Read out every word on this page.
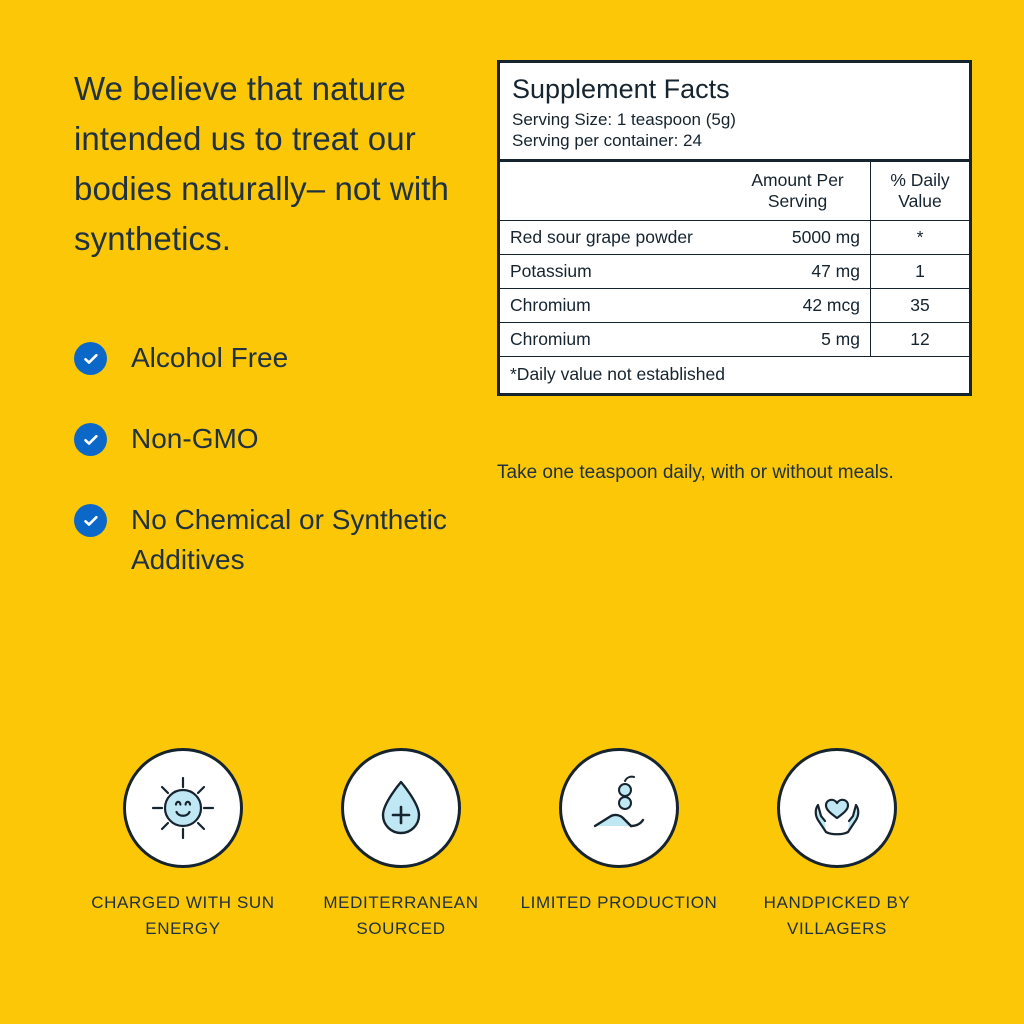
We believe that nature intended us to treat our bodies naturally– not with synthetics.

Alcohol Free
Non-GMO
No Chemical or Synthetic Additives
Supplement Facts
Serving Size: 1 teaspoon (5g)
Serving per container: 24
	Amount Per Serving	% Daily Value
Red sour grape powder	5000 mg	*
Potassium	47 mg	1
Chromium	42 mcg	35
Chromium	5 mg	12
*Daily value not established
Take one teaspoon daily, with or without meals.
CHARGED WITH SUN ENERGY
MEDITERRANEAN SOURCED
LIMITED PRODUCTION	HANDPICKED BY VILLAGERS
